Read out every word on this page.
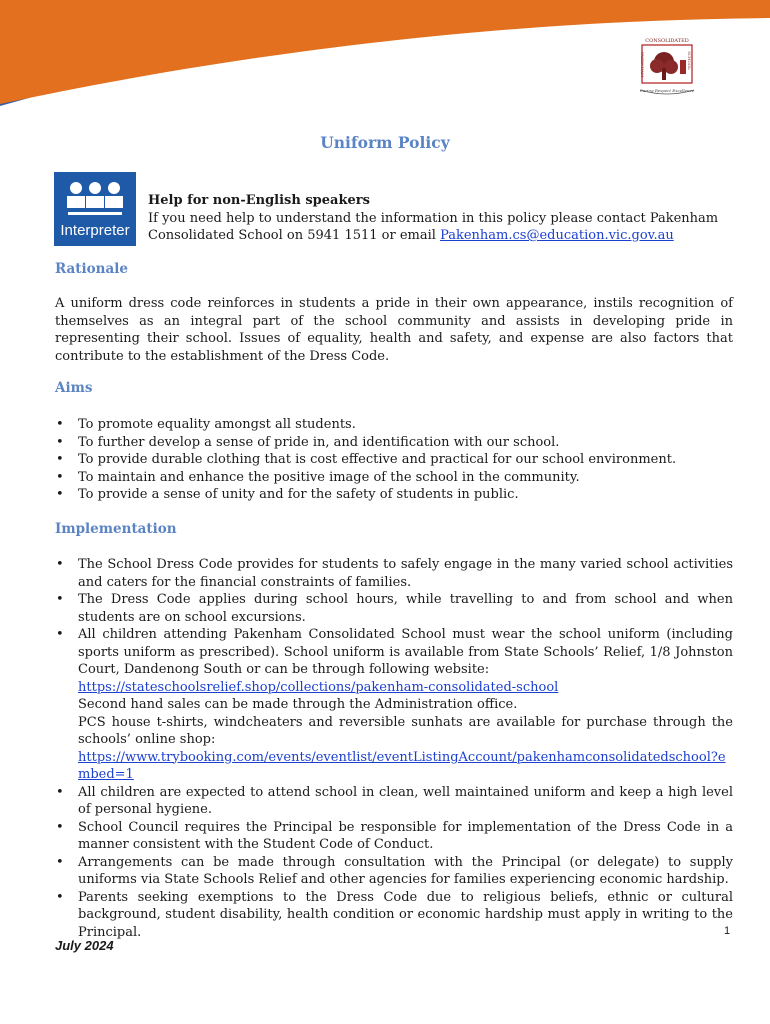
CONSOLIDATED
PAKENHAM	SCHOOL
Caring Respect Excellence
Uniform Policy
Interpreter
Help for non-English speakers
If you need help to understand the information in this policy please contact Pakenham Consolidated School on 5941 1511 or email Pakenham.cs@education.vic.gov.au
Rationale
A uniform dress code reinforces in students a pride in their own appearance, instils recognition of themselves as an integral part of the school community and assists in developing pride in representing their school. Issues of equality, health and safety, and expense are also factors that contribute to the establishment of the Dress Code.
Aims
• To promote equality amongst all students.
• To further develop a sense of pride in, and identification with our school.
• To provide durable clothing that is cost effective and practical for our school environment.
• To maintain and enhance the positive image of the school in the community.
• To provide a sense of unity and for the safety of students in public.
Implementation
• The School Dress Code provides for students to safely engage in the many varied school activities and caters for the financial constraints of families.
• The Dress Code applies during school hours, while travelling to and from school and when students are on school excursions.
• All children attending Pakenham Consolidated School must wear the school uniform (including sports uniform as prescribed). School uniform is available from State Schools’ Relief, 1/8 Johnston Court, Dandenong South or can be through following website:
https://stateschoolsrelief.shop/collections/pakenham-consolidated-school
Second hand sales can be made through the Administration office.
PCS house t-shirts, windcheaters and reversible sunhats are available for purchase through the schools’ online shop:
https://www.trybooking.com/events/eventlist/eventListingAccount/pakenhamconsolidatedschool?embed=1
• All children are expected to attend school in clean, well maintained uniform and keep a high level of personal hygiene.
• School Council requires the Principal be responsible for implementation of the Dress Code in a manner consistent with the Student Code of Conduct.
• Arrangements can be made through consultation with the Principal (or delegate) to supply uniforms via State Schools Relief and other agencies for families experiencing economic hardship.
• Parents seeking exemptions to the Dress Code due to religious beliefs, ethnic or cultural background, student disability, health condition or economic hardship must apply in writing to the Principal.	1
July 2024
